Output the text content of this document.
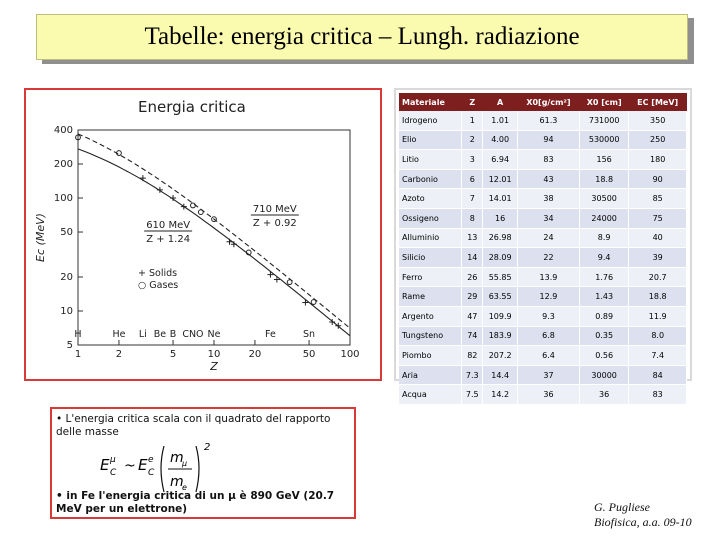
Tabelle: energia critica – Lungh. radiazione
Energia critica
1	2	5	10	20	50	100
5
10
20
50
100
200
400
Z
Ec (MeV)
H	He Li Be B CNO Ne	Fe	Sn
+ Solids
○ Gases
610 MeV
Z + 1.24
710 MeV
Z + 0.92
Materiale	Z	A	X0[g/cm²]	X0 [cm]	EC [MeV]
Idrogeno	1	1.01	61.3	731000	350
Elio	2	4.00	94	530000	250
Litio	3	6.94	83	156	180
Carbonio	6	12.01	43	18.8	90
Azoto	7	14.01	38	30500	85
Ossigeno	8	16	34	24000	75
Alluminio	13	26.98	24	8.9	40
Silicio	14	28.09	22	9.4	39
Ferro	26	55.85	13.9	1.76	20.7
Rame	29	63.55	12.9	1.43	18.8
Argento	47	109.9	9.3	0.89	11.9
Tungsteno	74	183.9	6.8	0.35	8.0
Piombo	82	207.2	6.4	0.56	7.4
Aria	7.3	14.4	37	30000	84
Acqua	7.5	14.2	36	36	83
• L'energia critica scala con il quadrato del rapporto delle masse
E C
μ ~ E C
e m
μ
m
e
2
• in Fe l'energia critica di un μ è 890 GeV (20.7 MeV per un elettrone)	G. Pugliese
Biofisica, a.a. 09-10
